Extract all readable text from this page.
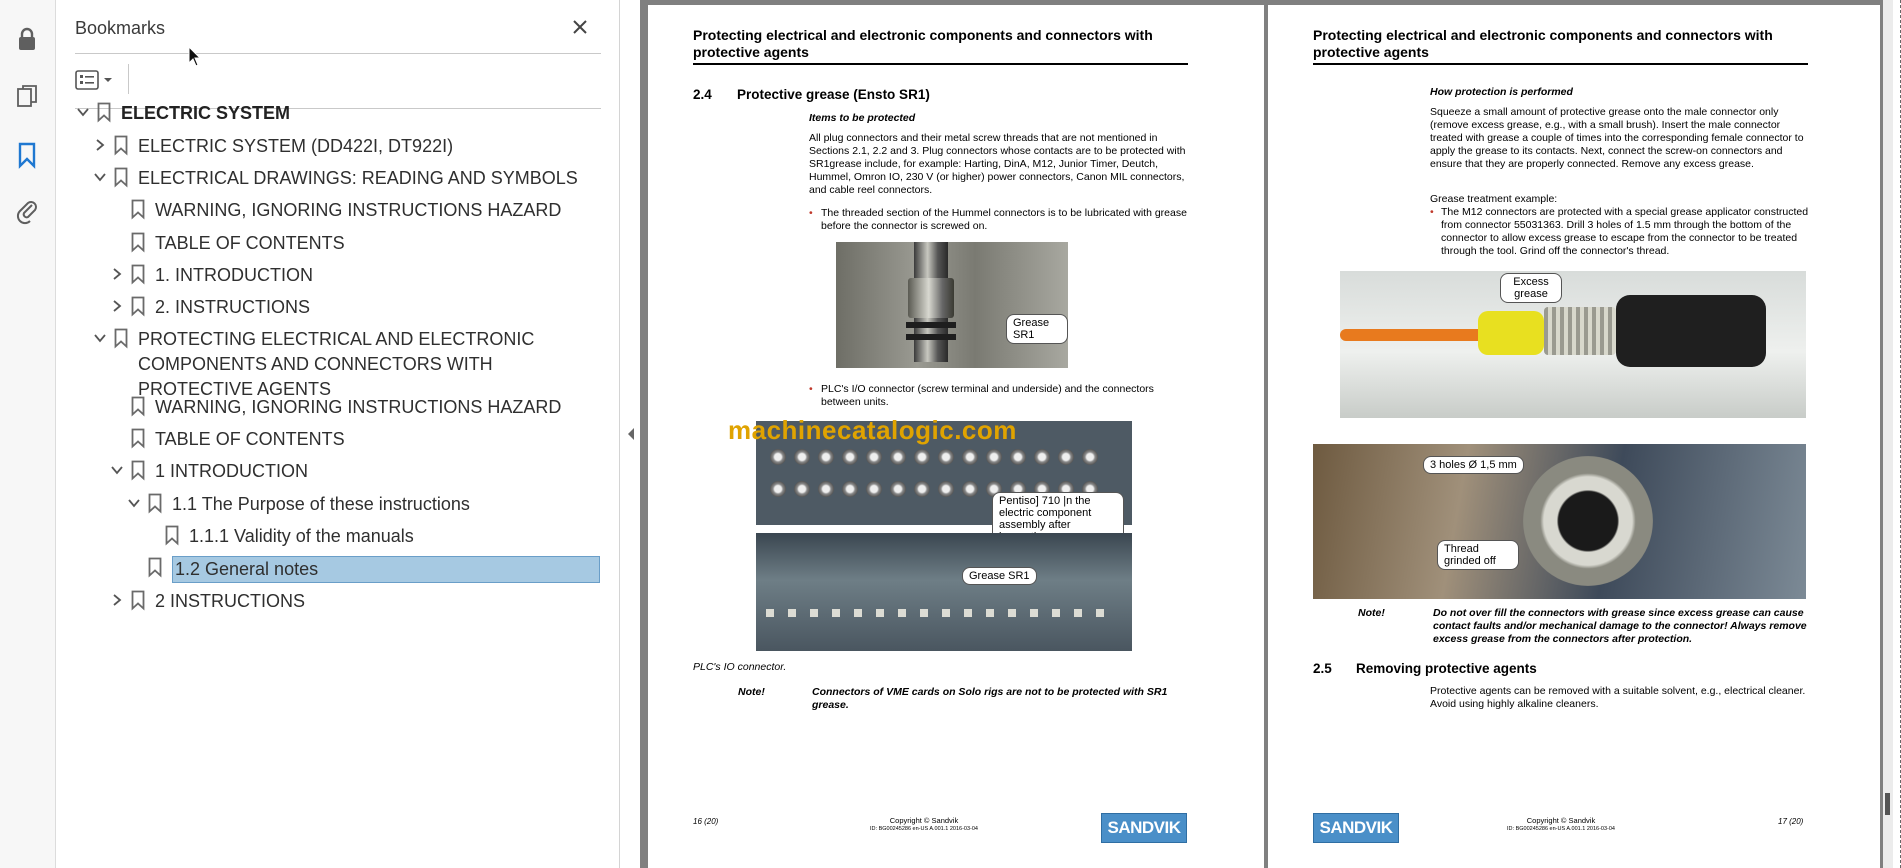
Bookmarks
ELECTRIC SYSTEM
ELECTRIC SYSTEM (DD422I, DT922I)
ELECTRICAL DRAWINGS: READING AND SYMBOLS
WARNING, IGNORING INSTRUCTIONS HAZARD
TABLE OF CONTENTS
1. INTRODUCTION
2. INSTRUCTIONS
PROTECTING ELECTRICAL AND ELECTRONIC COMPONENTS AND CONNECTORS WITH PROTECTIVE AGENTS
WARNING, IGNORING INSTRUCTIONS HAZARD
TABLE OF CONTENTS
1 INTRODUCTION
1.1 The Purpose of these instructions
1.1.1 Validity of the manuals
1.2 General notes
2 INSTRUCTIONS
Protecting electrical and electronic components and connectors with protective agents
2.4 Protective grease (Ensto SR1)
Items to be protected
All plug connectors and their metal screw threads that are not mentioned in Sections 2.1, 2.2 and 3. Plug connectors whose contacts are to be protected with SR1grease include, for example: Harting, DinA, M12, Junior Timer, Deutch, Hummel, Omron IO, 230 V (or higher) power connectors, Canon MIL connectors, and cable reel connectors.
• The threaded section of the Hummel connectors is to be lubricated with grease before the connector is screwed on.
Grease SR1
• PLC's I/O connector (screw terminal and underside) and the connectors between units.
Pentiso] 710 |n the electric component assembly after
machinecatalogic.com
Grease SR1
PLC's IO connector.
Note!	Connectors of VME cards on Solo rigs are not to be protected with SR1 grease.
16 (20)	Copyright © Sandvik
ID: BG00245286 en-US A.001.1 2016-03-04	SANDVIK
Protecting electrical and electronic components and connectors with protective agents
How protection is performed
Squeeze a small amount of protective grease onto the male connector only (remove excess grease, e.g., with a small brush). Insert the male connector treated with grease a couple of times into the corresponding female connector to apply the grease to its contacts. Next, connect the screw-on connectors and ensure that they are properly connected. Remove any excess grease.
Grease treatment example:
• The M12 connectors are protected with a special grease applicator constructed from connector 55031363. Drill 3 holes of 1.5 mm through the bottom of the connector to allow excess grease to escape from the connector to be treated through the tool. Grind off the connector's thread.
Excess grease
3 holes Ø 1,5 mm
Thread grinded off
Note!	Do not over fill the connectors with grease since excess grease can cause contact faults and/or mechanical damage to the connector! Always remove excess grease from the connectors after protection.
2.5 Removing protective agents
Protective agents can be removed with a suitable solvent, e.g., electrical cleaner. Avoid using highly alkaline cleaners.
SANDVIK	Copyright © Sandvik
ID: BG00245286 en-US A.001.1 2016-03-04
17 (20)
